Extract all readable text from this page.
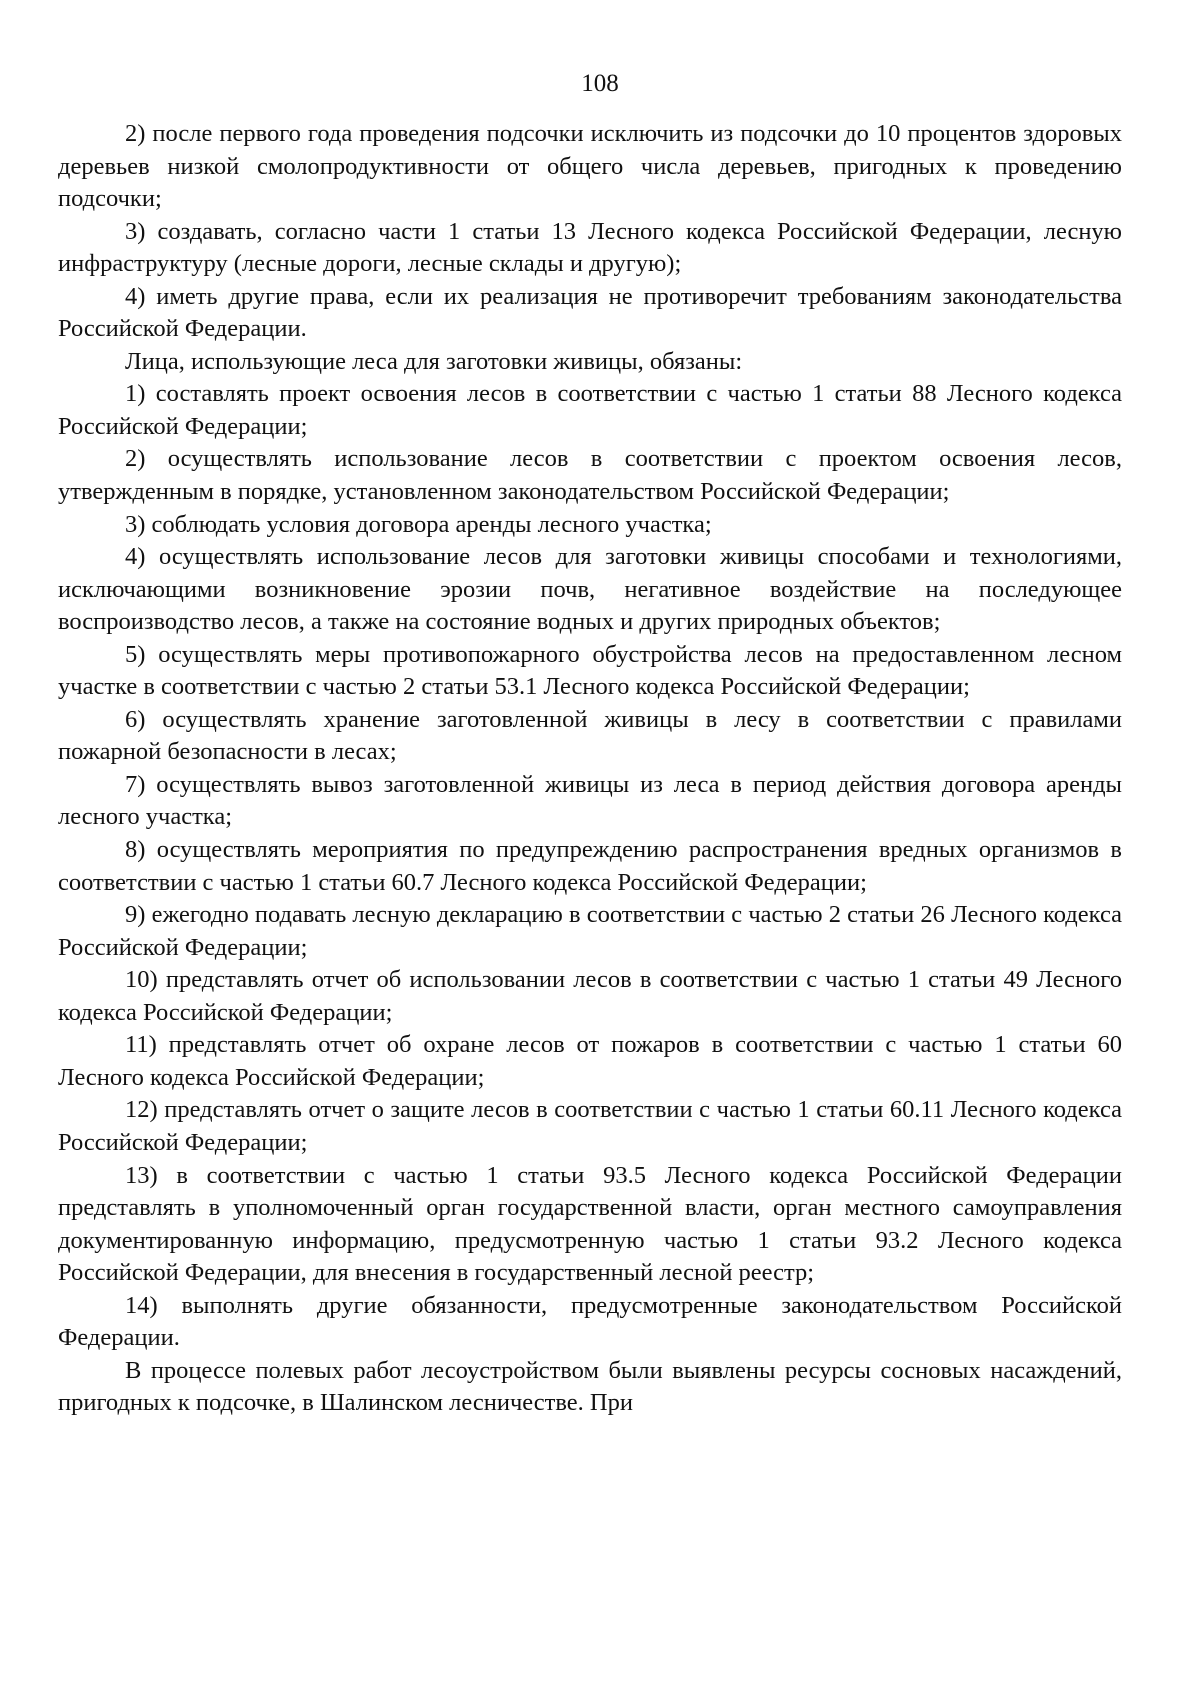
108

2) после первого года проведения подсочки исключить из подсочки до 10 процентов здоровых деревьев низкой смолопродуктивности от общего числа деревьев, пригодных к проведению подсочки;

3) создавать, согласно части 1 статьи 13 Лесного кодекса Российской Федерации, лесную инфраструктуру (лесные дороги, лесные склады и другую);

4) иметь другие права, если их реализация не противоречит требованиям законодательства Российской Федерации.

Лица, использующие леса для заготовки живицы, обязаны:

1) составлять проект освоения лесов в соответствии с частью 1 статьи 88 Лесного кодекса Российской Федерации;

2) осуществлять использование лесов в соответствии с проектом освоения лесов, утвержденным в порядке, установленном законодательством Российской Федерации;

3) соблюдать условия договора аренды лесного участка;

4) осуществлять использование лесов для заготовки живицы способами и технологиями, исключающими возникновение эрозии почв, негативное воздействие на последующее воспроизводство лесов, а также на состояние водных и других природных объектов;

5) осуществлять меры противопожарного обустройства лесов на предоставленном лесном участке в соответствии с частью 2 статьи 53.1 Лесного кодекса Российской Федерации;

6) осуществлять хранение заготовленной живицы в лесу в соответствии с правилами пожарной безопасности в лесах;

7) осуществлять вывоз заготовленной живицы из леса в период действия договора аренды лесного участка;

8) осуществлять мероприятия по предупреждению распространения вредных организмов в соответствии с частью 1 статьи 60.7 Лесного кодекса Российской Федерации;

9) ежегодно подавать лесную декларацию в соответствии с частью 2 статьи 26 Лесного кодекса Российской Федерации;

10) представлять отчет об использовании лесов в соответствии с частью 1 статьи 49 Лесного кодекса Российской Федерации;

11) представлять отчет об охране лесов от пожаров в соответствии с частью 1 статьи 60 Лесного кодекса Российской Федерации;

12) представлять отчет о защите лесов в соответствии с частью 1 статьи 60.11 Лесного кодекса Российской Федерации;

13) в соответствии с частью 1 статьи 93.5 Лесного кодекса Российской Федерации представлять в уполномоченный орган государственной власти, орган местного самоуправления документированную информацию, предусмотренную частью 1 статьи 93.2 Лесного кодекса Российской Федерации, для внесения в государственный лесной реестр;

14) выполнять другие обязанности, предусмотренные законодательством Российской Федерации.

В процессе полевых работ лесоустройством были выявлены ресурсы сосновых насаждений, пригодных к подсочке, в Шалинском лесничестве. При
